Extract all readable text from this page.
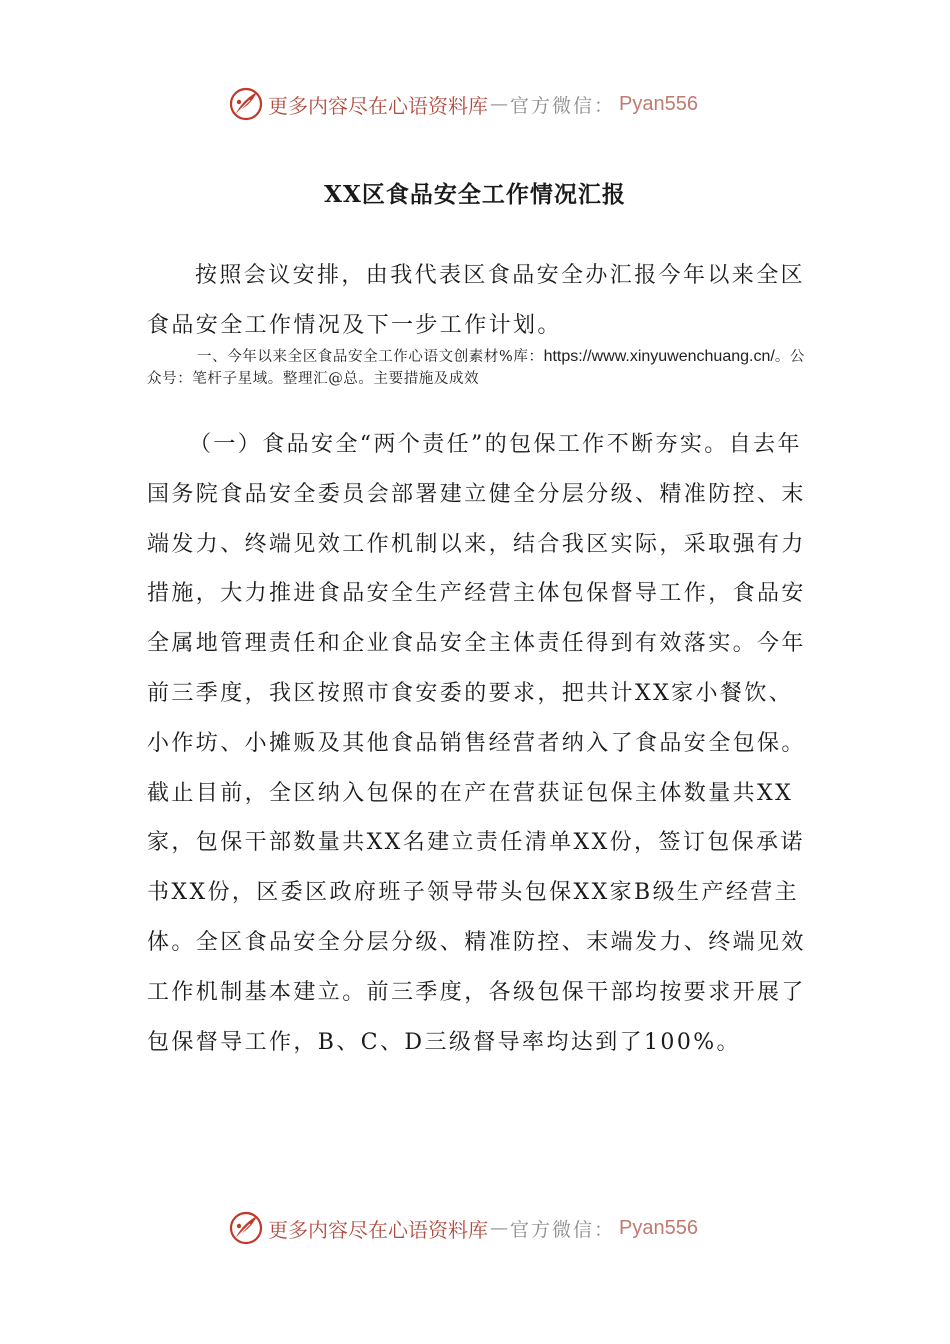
更多内容尽在心语资料库 — 官方微信： Pyan556
XX区食品安全工作情况汇报

按照会议安排，由我代表区食品安全办汇报今年以来全区食品安全工作情况及下一步工作计划。

一、今年以来全区食品安全工作心语文创素材%库：https://www.xinyuwenchuang.cn/。公众号：笔杆子星域。整理汇@总。主要措施及成效

（一）食品安全“两个责任”的包保工作不断夯实。自去年国务院食品安全委员会部署建立健全分层分级、精准防控、末端发力、终端见效工作机制以来，结合我区实际，采取强有力措施，大力推进食品安全生产经营主体包保督导工作，食品安全属地管理责任和企业食品安全主体责任得到有效落实。今年前三季度，我区按照市食安委的要求，把共计XX家小餐饮、小作坊、小摊贩及其他食品销售经营者纳入了食品安全包保。截止目前，全区纳入包保的在产在营获证包保主体数量共XX家，包保干部数量共XX名建立责任清单XX份，签订包保承诺书XX份，区委区政府班子领导带头包保XX家B级生产经营主体。全区食品安全分层分级、精准防控、末端发力、终端见效工作机制基本建立。前三季度，各级包保干部均按要求开展了包保督导工作，B、C、D三级督导率均达到了100%。

更多内容尽在心语资料库 — 官方微信： Pyan556
